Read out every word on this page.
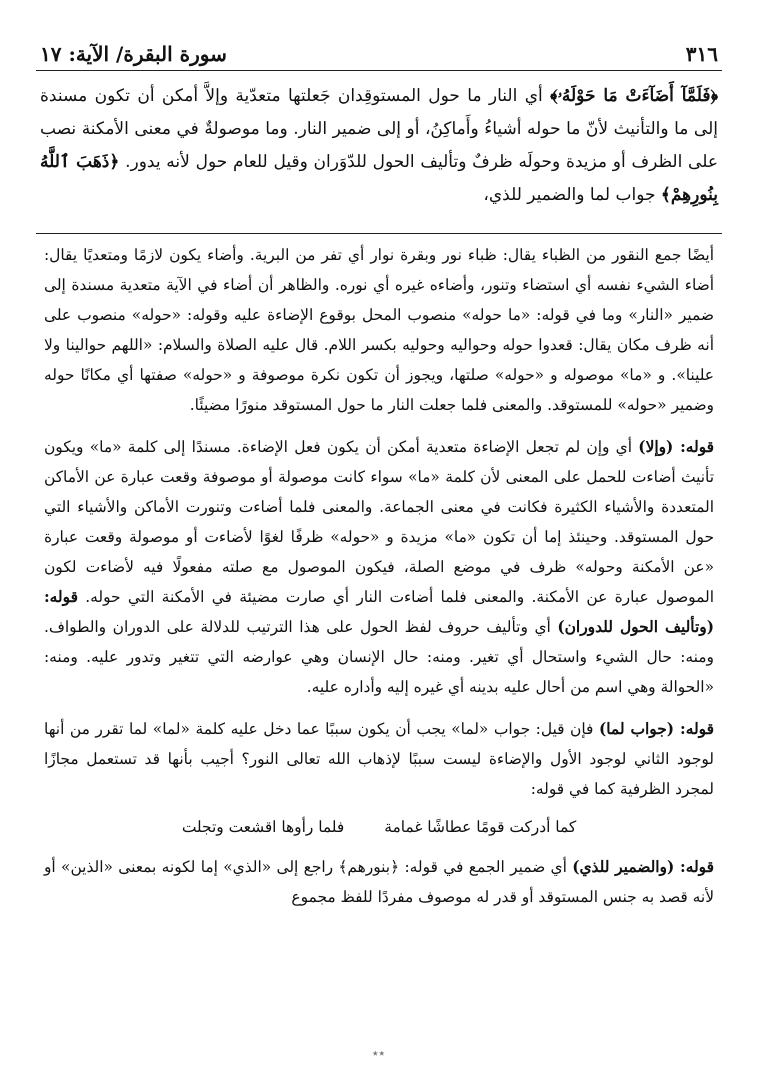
٣١٦
سورة البقرة/ الآية: ١٧

﴿فَلَمَّآ أَضَآءَتْ مَا حَوْلَهُۥ﴾ أي النار ما حول المستوقِدان جَعلتها متعدّية وإلاَّ أمكن أن تكون مسندة إلى ما والتأنيث لأنّ ما حوله أشياءُ وأَماكِنُ، أو إلى ضمير النار. وما موصولةٌ في معنى الأمكنة نصب على الظرف أو مزيدة وحولَه ظرفٌ وتأليف الحول للدّوَران وقيل للعام حول لأنه يدور. ﴿ذَهَبَ ٱللَّهُ بِنُورِهِمْ﴾ جواب لما والضمير للذي،

أيضًا جمع النقور من الظباء يقال: ظباء نور وبقرة نوار أي تفر من البرية. وأضاء يكون لازمًا ومتعديًا يقال: أضاء الشيء نفسه أي استضاء وتنور، وأضاءه غيره أي نوره. والظاهر أن أضاء في الآية متعدية مسندة إلى ضمير «النار» وما في قوله: «ما حوله» منصوب المحل بوقوع الإضاءة عليه وقوله: «حوله» منصوب على أنه ظرف مكان يقال: قعدوا حوله وحواليه وحوليه بكسر اللام. قال عليه الصلاة والسلام: «اللهم حوالينا ولا علينا». و «ما» موصوله و «حوله» صلتها، ويجوز أن تكون نكرة موصوفة و «حوله» صفتها أي مكانًا حوله وضمير «حوله» للمستوقد. والمعنى فلما جعلت النار ما حول المستوقد منورًا مضيئًا.

قوله: (وإلا) أي وإن لم تجعل الإضاءة متعدية أمكن أن يكون فعل الإضاءة. مسندًا إلى كلمة «ما» ويكون تأنيث أضاءت للحمل على المعنى لأن كلمة «ما» سواء كانت موصولة أو موصوفة وقعت عبارة عن الأماكن المتعددة والأشياء الكثيرة فكانت في معنى الجماعة. والمعنى فلما أضاءت وتنورت الأماكن والأشياء التي حول المستوقد. وحينئذ إما أن تكون «ما» مزيدة و «حوله» ظرفًا لغوًا لأضاءت أو موصولة وقعت عبارة «عن الأمكنة وحوله» ظرف في موضع الصلة، فيكون الموصول مع صلته مفعولًا فيه لأضاءت لكون الموصول عبارة عن الأمكنة. والمعنى فلما أضاءت النار أي صارت مضيئة في الأمكنة التي حوله. قوله: (وتأليف الحول للدوران) أي وتأليف حروف لفظ الحول على هذا الترتيب للدلالة على الدوران والطواف. ومنه: حال الشيء واستحال أي تغير. ومنه: حال الإنسان وهي عوارضه التي تتغير وتدور عليه. ومنه: «الحوالة وهي اسم من أحال عليه بدينه أي غيره إليه وأداره عليه.

قوله: (جواب لما) فإن قيل: جواب «لما» يجب أن يكون سببًا عما دخل عليه كلمة «لما» لما تقرر من أنها لوجود الثاني لوجود الأول والإضاءة ليست سببًا لإذهاب الله تعالى النور؟ أجيب بأنها قد تستعمل مجازًا لمجرد الظرفية كما في قوله:

كما أدركت قومًا عطاشًا غمامة
فلما رأوها اقشعت وتجلت

قوله: (والضمير للذي) أي ضمير الجمع في قوله: ﴿بنورهم﴾ راجع إلى «الذي» إما لكونه بمعنى «الذين» أو لأنه قصد به جنس المستوقد أو قدر له موصوف مفردًا للفظ مجموع

٭٭
